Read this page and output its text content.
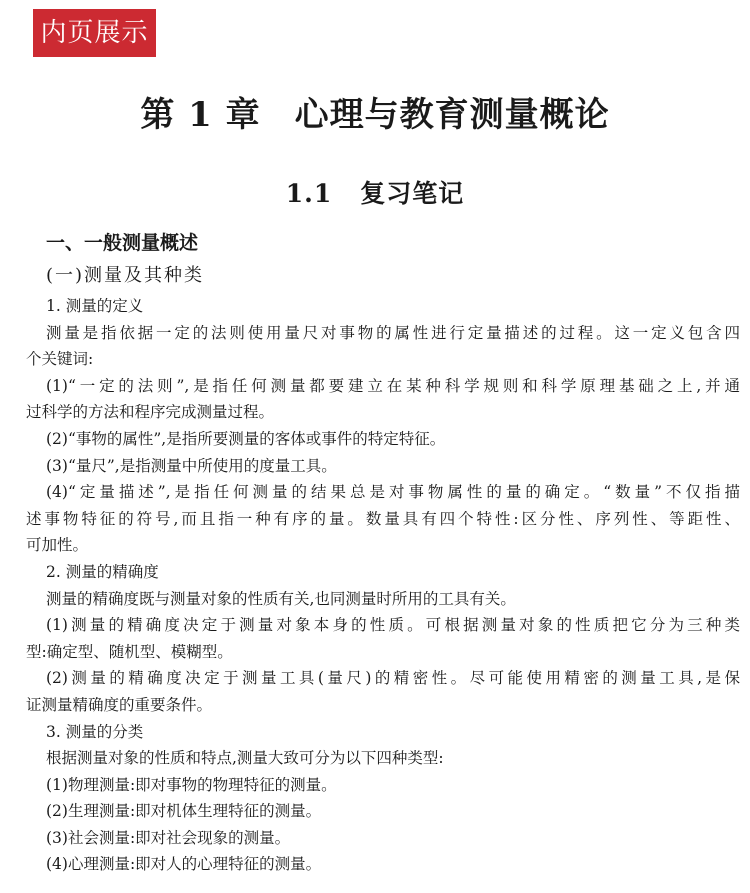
内页展示
第 1 章 心理与教育测量概论
1.1 复习笔记
一、一般测量概述
(一)测量及其种类
1. 测量的定义
测量是指依据一定的法则使用量尺对事物的属性进行定量描述的过程。这一定义包含四
个关键词:
(1)“一定的法则”,是指任何测量都要建立在某种科学规则和科学原理基础之上,并通
过科学的方法和程序完成测量过程。
(2)“事物的属性”,是指所要测量的客体或事件的特定特征。
(3)“量尺”,是指测量中所使用的度量工具。
(4)“定量描述”,是指任何测量的结果总是对事物属性的量的确定。“数量”不仅指描
述事物特征的符号,而且指一种有序的量。数量具有四个特性:区分性、序列性、等距性、
可加性。
2. 测量的精确度
测量的精确度既与测量对象的性质有关,也同测量时所用的工具有关。
(1)测量的精确度决定于测量对象本身的性质。可根据测量对象的性质把它分为三种类
型:确定型、随机型、模糊型。
(2)测量的精确度决定于测量工具(量尺)的精密性。尽可能使用精密的测量工具,是保
证测量精确度的重要条件。
3. 测量的分类
根据测量对象的性质和特点,测量大致可分为以下四种类型:
(1)物理测量:即对事物的物理特征的测量。
(2)生理测量:即对机体生理特征的测量。
(3)社会测量:即对社会现象的测量。
(4)心理测量:即对人的心理特征的测量。
